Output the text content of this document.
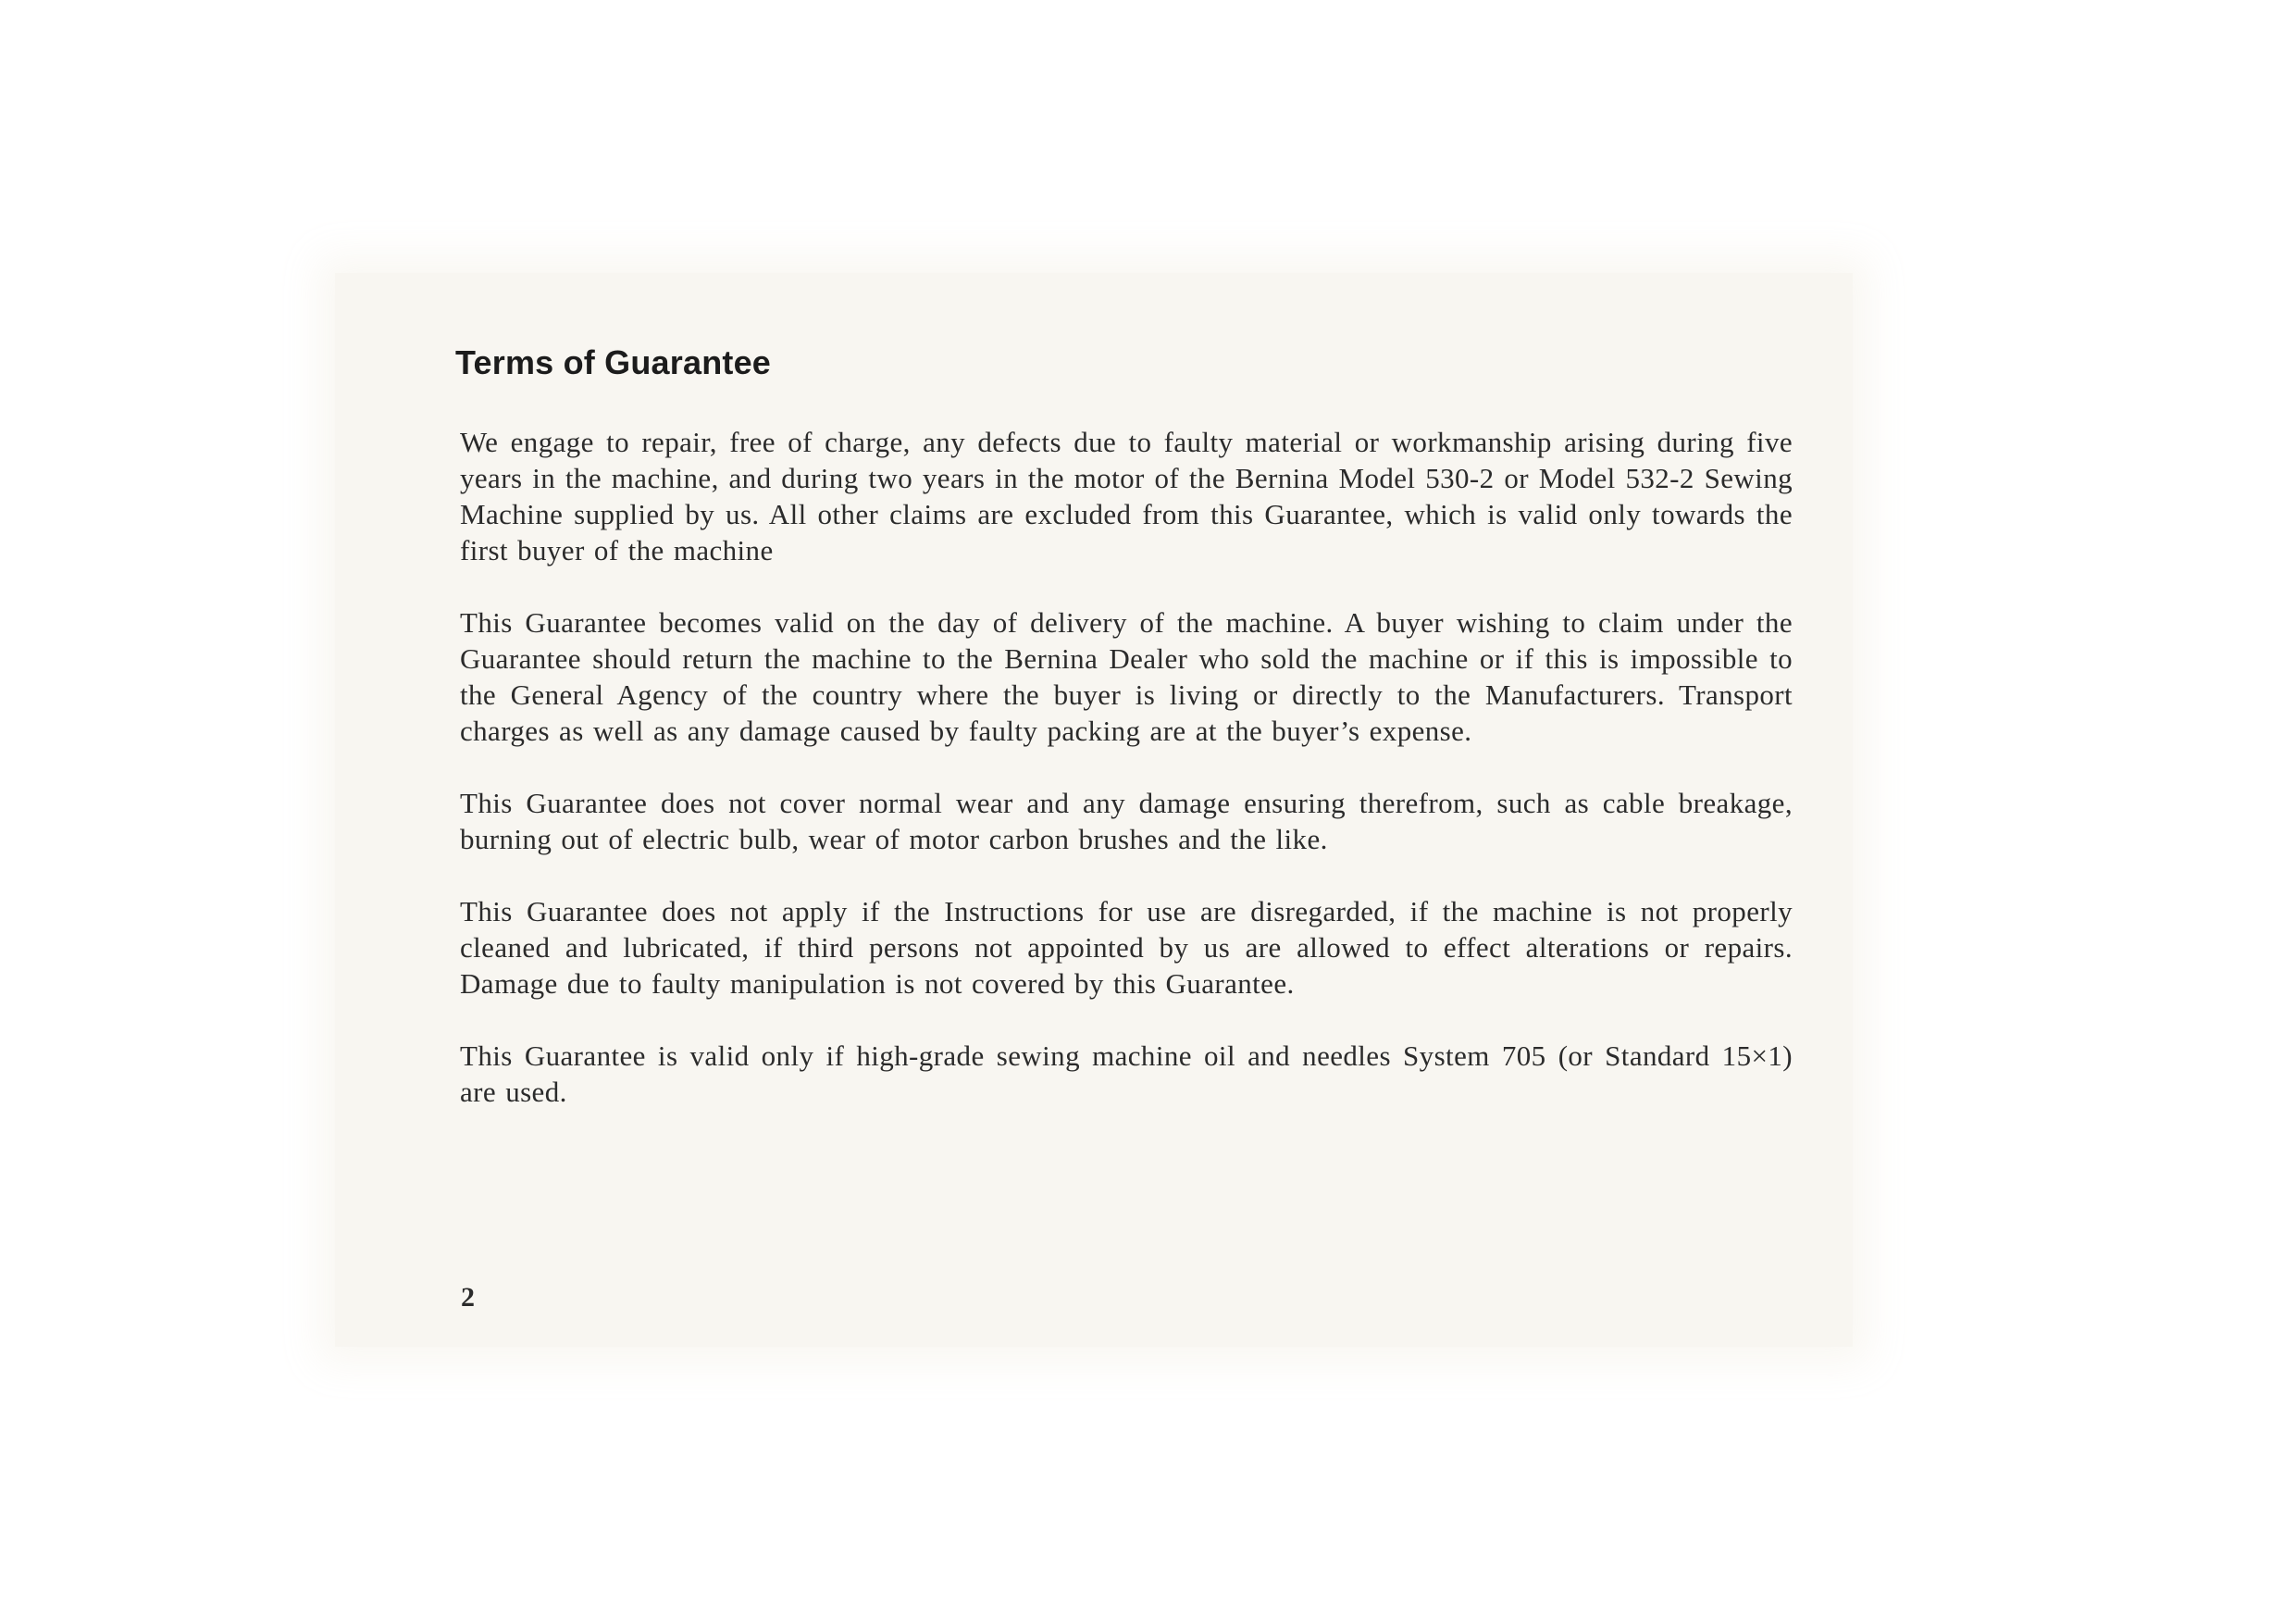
Terms of Guarantee

We engage to repair, free of charge, any defects due to faulty material or workmanship arising during five years in the machine, and during two years in the motor of the Bernina Model 530-2 or Model 532-2 Sewing Machine supplied by us. All other claims are excluded from this Guarantee, which is valid only towards the first buyer of the machine

This Guarantee becomes valid on the day of delivery of the machine. A buyer wishing to claim under the Guarantee should return the machine to the Bernina Dealer who sold the machine or if this is impossible to the General Agency of the country where the buyer is living or directly to the Manufacturers. Transport charges as well as any damage caused by faulty packing are at the buyer’s expense.

This Guarantee does not cover normal wear and any damage ensuring therefrom, such as cable breakage, burning out of electric bulb, wear of motor carbon brushes and the like.

This Guarantee does not apply if the Instructions for use are disregarded, if the machine is not properly cleaned and lubricated, if third persons not appointed by us are allowed to effect alterations or repairs. Damage due to faulty manipulation is not covered by this Guarantee.

This Guarantee is valid only if high-grade sewing machine oil and needles System 705 (or Standard 15×1) are used.

2
